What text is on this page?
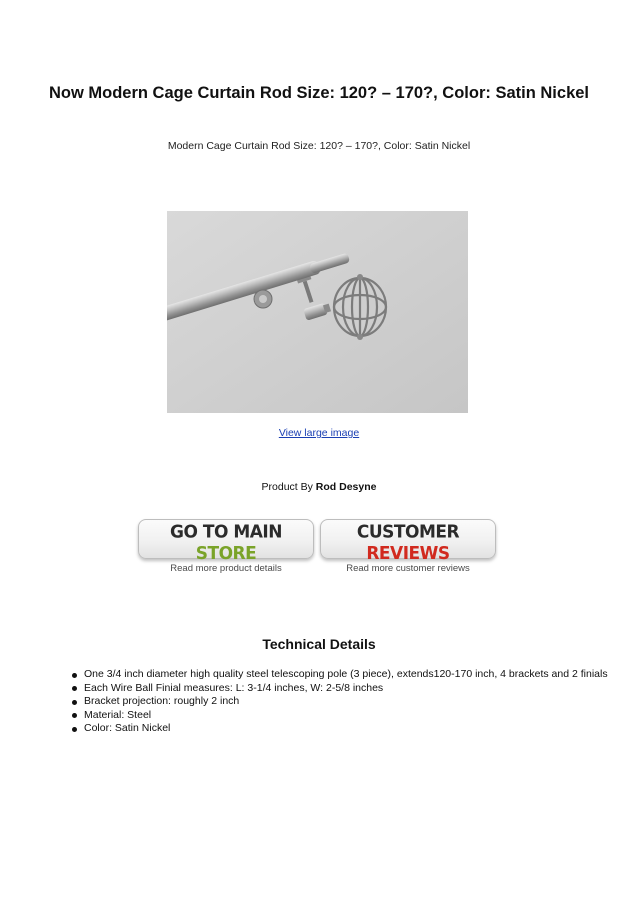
Now Modern Cage Curtain Rod Size: 120? – 170?, Color: Satin Nickel
Modern Cage Curtain Rod Size: 120? – 170?, Color: Satin Nickel
View large image
Product By Rod Desyne
GO TO MAIN STORE
Read more product details
CUSTOMER REVIEWS
Read more customer reviews
Technical Details
One 3/4 inch diameter high quality steel telescoping pole (3 piece), extends120-170 inch, 4 brackets and 2 finials
Each Wire Ball Finial measures: L: 3-1/4 inches, W: 2-5/8 inches
Bracket projection: roughly 2 inch
Material: Steel
Color: Satin Nickel
